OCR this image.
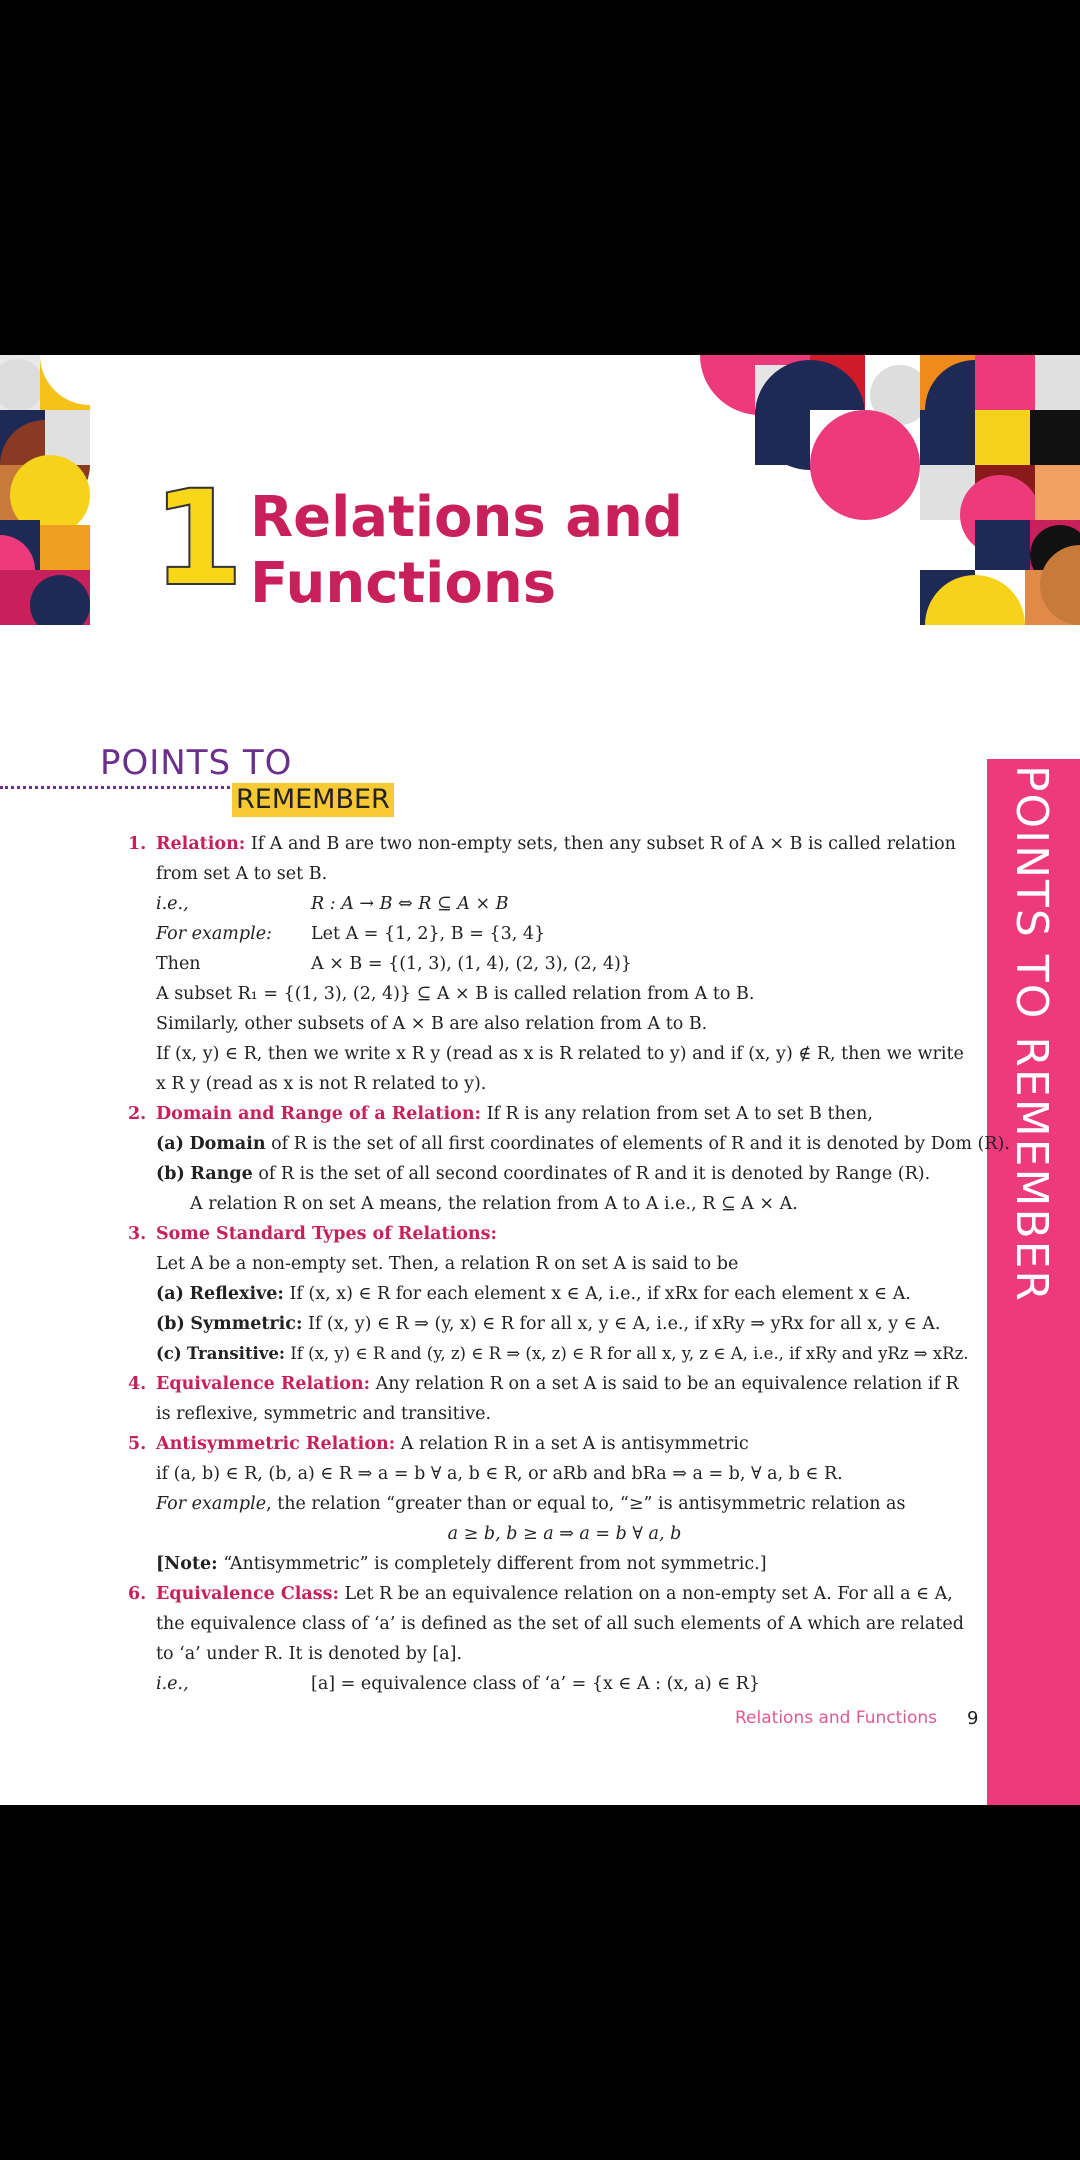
1 Relations and
Functions
POINTS TO
REMEMBER	POINTS TO REMEMBER
1. Relation: If A and B are two non-empty sets, then any subset R of A × B is called relation from set A to set B.
i.e.,	R : A → B ⇔ R ⊆ A × B
For example: Let A = {1, 2}, B = {3, 4}
Then	A × B = {(1, 3), (1, 4), (2, 3), (2, 4)}
A subset R₁ = {(1, 3), (2, 4)} ⊆ A × B is called relation from A to B.
Similarly, other subsets of A × B are also relation from A to B.
If (x, y) ∈ R, then we write x R y (read as x is R related to y) and if (x, y) ∉ R, then we write x R y (read as x is not R related to y).
2. Domain and Range of a Relation: If R is any relation from set A to set B then,
(a) Domain of R is the set of all first coordinates of elements of R and it is denoted by Dom (R).
(b) Range of R is the set of all second coordinates of R and it is denoted by Range (R).
A relation R on set A means, the relation from A to A i.e., R ⊆ A × A.
3. Some Standard Types of Relations:
Let A be a non-empty set. Then, a relation R on set A is said to be
(a) Reflexive: If (x, x) ∈ R for each element x ∈ A, i.e., if xRx for each element x ∈ A.
(b) Symmetric: If (x, y) ∈ R ⇒ (y, x) ∈ R for all x, y ∈ A, i.e., if xRy ⇒ yRx for all x, y ∈ A.
(c) Transitive: If (x, y) ∈ R and (y, z) ∈ R ⇒ (x, z) ∈ R for all x, y, z ∈ A, i.e., if xRy and yRz ⇒ xRz.
4. Equivalence Relation: Any relation R on a set A is said to be an equivalence relation if R is reflexive, symmetric and transitive.
5. Antisymmetric Relation: A relation R in a set A is antisymmetric
if (a, b) ∈ R, (b, a) ∈ R ⇒ a = b ∀ a, b ∈ R, or aRb and bRa ⇒ a = b, ∀ a, b ∈ R.
For example, the relation “greater than or equal to, “≥” is antisymmetric relation as
a ≥ b, b ≥ a ⇒ a = b ∀ a, b
[Note: “Antisymmetric” is completely different from not symmetric.]
6. Equivalence Class: Let R be an equivalence relation on a non-empty set A. For all a ∈ A, the equivalence class of ‘a’ is defined as the set of all such elements of A which are related to ‘a’ under R. It is denoted by [a].
i.e.,	[a] = equivalence class of ‘a’ = {x ∈ A : (x, a) ∈ R}
Relations and Functions 9
